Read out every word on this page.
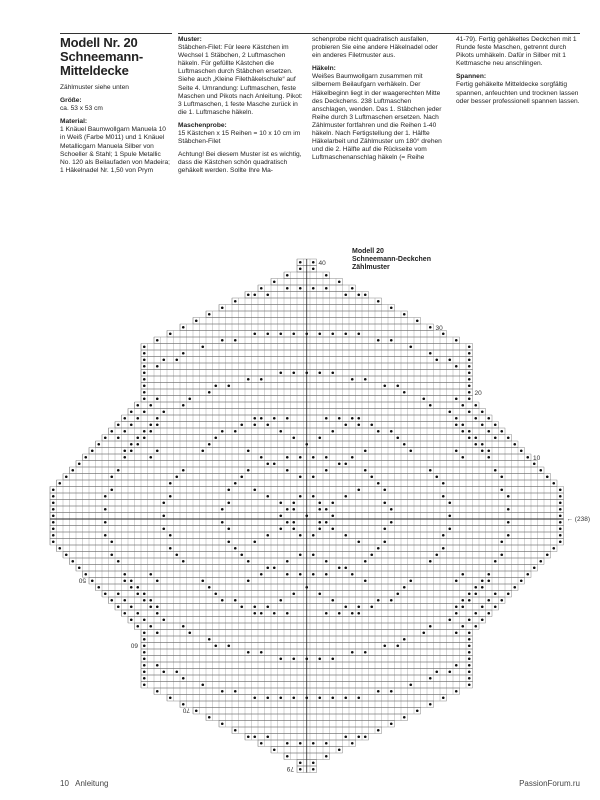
Modell Nr. 20
Schneemann-Mitteldecke

Zählmuster siehe unten

Größe:
ca. 53 x 53 cm

Material:
1 Knäuel Baumwollgarn Manuela 10 in Weiß (Farbe M011) und 1 Knäuel Metallicgarn Manuela Silber von Schoeller & Stahl; 1 Spule Metallic No. 120 als Beilaufaden von Madeira; 1 Häkelnadel Nr. 1,50 von Prym

Muster:
Stäbchen-Filet: Für leere Kästchen im Wechsel 1 Stäbchen, 2 Luftmaschen häkeln. Für gefüllte Kästchen die Luftmaschen durch Stäbchen ersetzen. Siehe auch „Kleine Filethäkelschule“ auf Seite 4. Umrandung: Luftmaschen, feste Maschen und Pikots nach Anleitung. Pikot: 3 Luftmaschen, 1 feste Masche zurück in die 1. Luftmasche häkeln.

Maschenprobe:
15 Kästchen x 15 Reihen = 10 x 10 cm im Stäbchen-Filet

Achtung! Bei diesem Muster ist es wichtig, dass die Kästchen schön quadratisch gehäkelt werden. Sollte Ihre Ma-

schenprobe nicht quadratisch ausfallen, probieren Sie eine andere Häkelnadel oder ein anderes Filetmuster aus.

Häkeln:
Weißes Baumwollgarn zusammen mit silbernem Beilaufgarn verhäkeln. Der Häkelbeginn liegt in der waagerechten Mitte des Deckchens. 238 Luftmaschen anschlagen, wenden. Das 1. Stäbchen jeder Reihe durch 3 Luftmaschen ersetzen. Nach Zählmuster fortfahren und die Reihen 1-40 häkeln. Nach Fertigstellung der 1. Hälfte Häkelarbeit und Zählmuster um 180° drehen und die 2. Hälfte auf die Rückseite vom Luftmaschenanschlag häkeln (= Reihe

41-79). Fertig gehäkeltes Deckchen mit 1 Runde feste Maschen, getrennt durch Pikots umhäkeln. Dafür in Silber mit 1 Kettmasche neu anschlingen.

Spannen:
Fertig gehäkelte Mitteldecke sorgfältig spannen, anfeuchten und trocknen lassen oder besser professionell spannen lassen.

40
30
20
10
50
60
70
79
← (238)
Modell 20
Schneemann-Deckchen
Zählmuster
10 Anleitung	PassionForum.ru
